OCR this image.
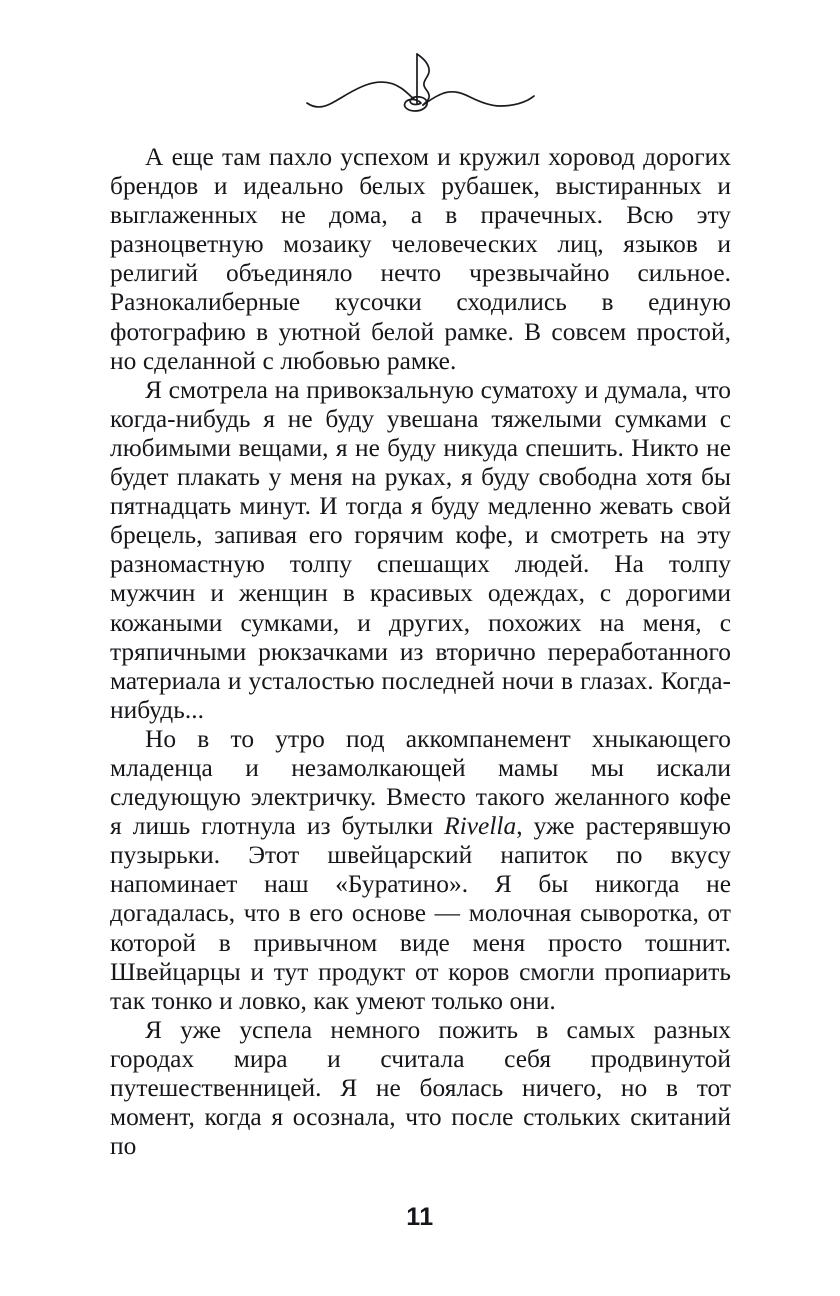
А еще там пахло успехом и кружил хоровод дорогих брендов и идеально белых рубашек, выстиранных и выглаженных не дома, а в прачечных. Всю эту разноцветную мозаику человеческих лиц, языков и религий объединяло нечто чрезвычайно сильное. Разнокалиберные кусочки сходились в единую фотографию в уютной белой рамке. В совсем простой, но сделанной с любовью рамке.

Я смотрела на привокзальную суматоху и думала, что когда-нибудь я не буду увешана тяжелыми сумками с любимыми вещами, я не буду никуда спешить. Никто не будет плакать у меня на руках, я буду свободна хотя бы пятнадцать минут. И тогда я буду медленно жевать свой брецель, запивая его горячим кофе, и смотреть на эту разномастную толпу спешащих людей. На толпу мужчин и женщин в красивых одеждах, с дорогими кожаными сумками, и других, похожих на меня, с тряпичными рюкзачками из вторично переработанного материала и усталостью последней ночи в глазах. Когда-нибудь...

Но в то утро под аккомпанемент хныкающего младенца и незамолкающей мамы мы искали следующую электричку. Вместо такого желанного кофе я лишь глотнула из бутылки Rivella, уже растерявшую пузырьки. Этот швейцарский напиток по вкусу напоминает наш «Буратино». Я бы никогда не догадалась, что в его основе — молочная сыворотка, от которой в привычном виде меня просто тошнит. Швейцарцы и тут продукт от коров смогли пропиарить так тонко и ловко, как умеют только они.

Я уже успела немного пожить в самых разных городах мира и считала себя продвинутой путешественницей. Я не боялась ничего, но в тот момент, когда я осознала, что после стольких скитаний по

11
